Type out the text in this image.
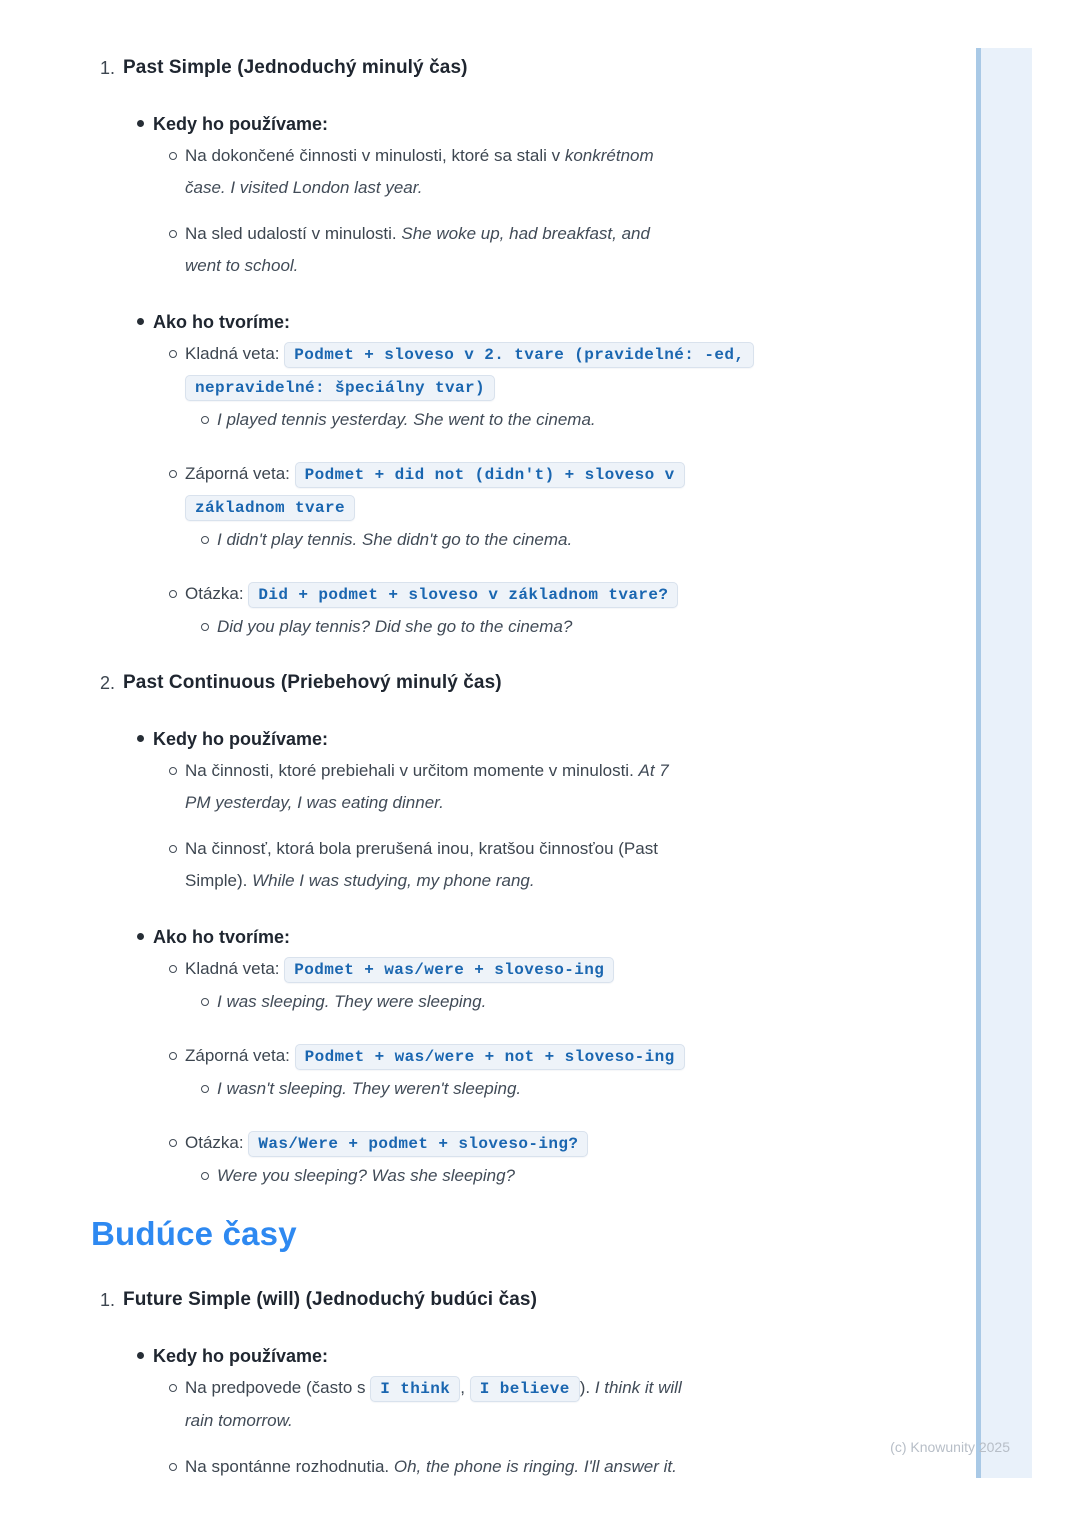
1. Past Simple (Jednoduchý minulý čas)
Kedy ho používame:
Na dokončené činnosti v minulosti, ktoré sa stali v konkrétnom
čase. I visited London last year.
Na sled udalostí v minulosti. She woke up, had breakfast, and
went to school.
Ako ho tvoríme:
Kladná veta: Podmet + sloveso v 2. tvare (pravidelné: -ed,
nepravidelné: špeciálny tvar)
I played tennis yesterday. She went to the cinema.
Záporná veta: Podmet + did not (didn't) + sloveso v
základnom tvare
I didn't play tennis. She didn't go to the cinema.
Otázka: Did + podmet + sloveso v základnom tvare?
Did you play tennis? Did she go to the cinema?
2. Past Continuous (Priebehový minulý čas)
Kedy ho používame:
Na činnosti, ktoré prebiehali v určitom momente v minulosti. At 7
PM yesterday, I was eating dinner.
Na činnosť, ktorá bola prerušená inou, kratšou činnosťou (Past
Simple). While I was studying, my phone rang.
Ako ho tvoríme:
Kladná veta: Podmet + was/were + sloveso-ing
I was sleeping. They were sleeping.
Záporná veta: Podmet + was/were + not + sloveso-ing
I wasn't sleeping. They weren't sleeping.
Otázka: Was/Were + podmet + sloveso-ing?
Were you sleeping? Was she sleeping?
Budúce časy
1. Future Simple (will) (Jednoduchý budúci čas)
Kedy ho používame:
Na predpovede (často s I think , I believe ). I think it will
rain tomorrow.
Na spontánne rozhodnutia. Oh, the phone is ringing. I'll answer it.
(c) Knowunity 2025
